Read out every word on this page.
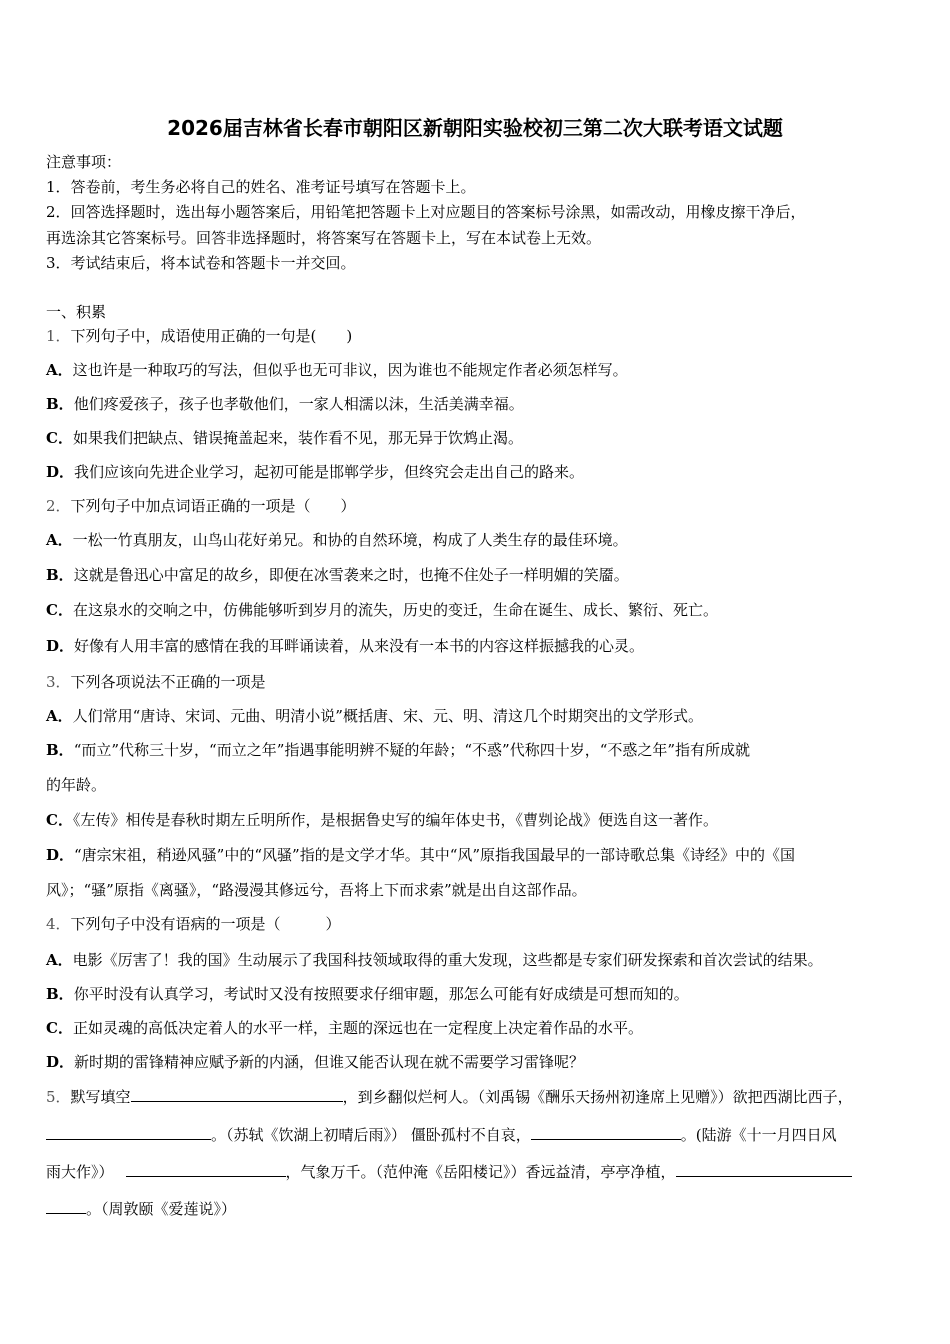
2026届吉林省长春市朝阳区新朝阳实验校初三第二次大联考语文试题
注意事项：
1．答卷前，考生务必将自己的姓名、准考证号填写在答题卡上。
2．回答选择题时，选出每小题答案后，用铅笔把答题卡上对应题目的答案标号涂黑，如需改动，用橡皮擦干净后，
再选涂其它答案标号。回答非选择题时，将答案写在答题卡上，写在本试卷上无效。
3．考试结束后，将本试卷和答题卡一并交回。
一、积累
1．下列句子中，成语使用正确的一句是(　　)
A．这也许是一种取巧的写法，但似乎也无可非议，因为谁也不能规定作者必须怎样写。
B．他们疼爱孩子，孩子也孝敬他们，一家人相濡以沫，生活美满幸福。
C．如果我们把缺点、错误掩盖起来，装作看不见，那无异于饮鸩止渴。
D．我们应该向先进企业学习，起初可能是邯郸学步，但终究会走出自己的路来。
2．下列句子中加点词语正确的一项是（　　）
A．一松一竹真朋友，山鸟山花好弟兄。和协的自然环境，构成了人类生存的最佳环境。
B．这就是鲁迅心中富足的故乡，即便在冰雪袭来之时，也掩不住处子一样明媚的笑靥。
C．在这泉水的交响之中，仿佛能够听到岁月的流失，历史的变迁，生命在诞生、成长、繁衍、死亡。
D．好像有人用丰富的感情在我的耳畔诵读着，从来没有一本书的内容这样振撼我的心灵。
3．下列各项说法不正确的一项是
A．人们常用“唐诗、宋词、元曲、明清小说”概括唐、宋、元、明、清这几个时期突出的文学形式。
B．“而立”代称三十岁，“而立之年”指遇事能明辨不疑的年龄；“不惑”代称四十岁，“不惑之年”指有所成就
的年龄。
C．《左传》相传是春秋时期左丘明所作，是根据鲁史写的编年体史书，《曹刿论战》便选自这一著作。
D．“唐宗宋祖，稍逊风骚”中的“风骚”指的是文学才华。其中“风”原指我国最早的一部诗歌总集《诗经》中的《国
风》；“骚”原指《离骚》，“路漫漫其修远兮，吾将上下而求索”就是出自这部作品。
4．下列句子中没有语病的一项是（　　　）
A．电影《厉害了！我的国》生动展示了我国科技领域取得的重大发现，这些都是专家们研发探索和首次尝试的结果。
B．你平时没有认真学习，考试时又没有按照要求仔细审题，那怎么可能有好成绩是可想而知的。
C．正如灵魂的高低决定着人的水平一样，主题的深远也在一定程度上决定着作品的水平。
D．新时期的雷锋精神应赋予新的内涵，但谁又能否认现在就不需要学习雷锋呢？
5．默写填空	，到乡翻似烂柯人。（刘禹锡《酬乐天扬州初逢席上见赠》）欲把西湖比西子，
。（苏轼《饮湖上初晴后雨》） 僵卧孤村不自哀，	。(陆游《十一月四日风
雨大作》）	，气象万千。（范仲淹《岳阳楼记》）香远益清，亭亭净植，
。（周敦颐《爱莲说》）
